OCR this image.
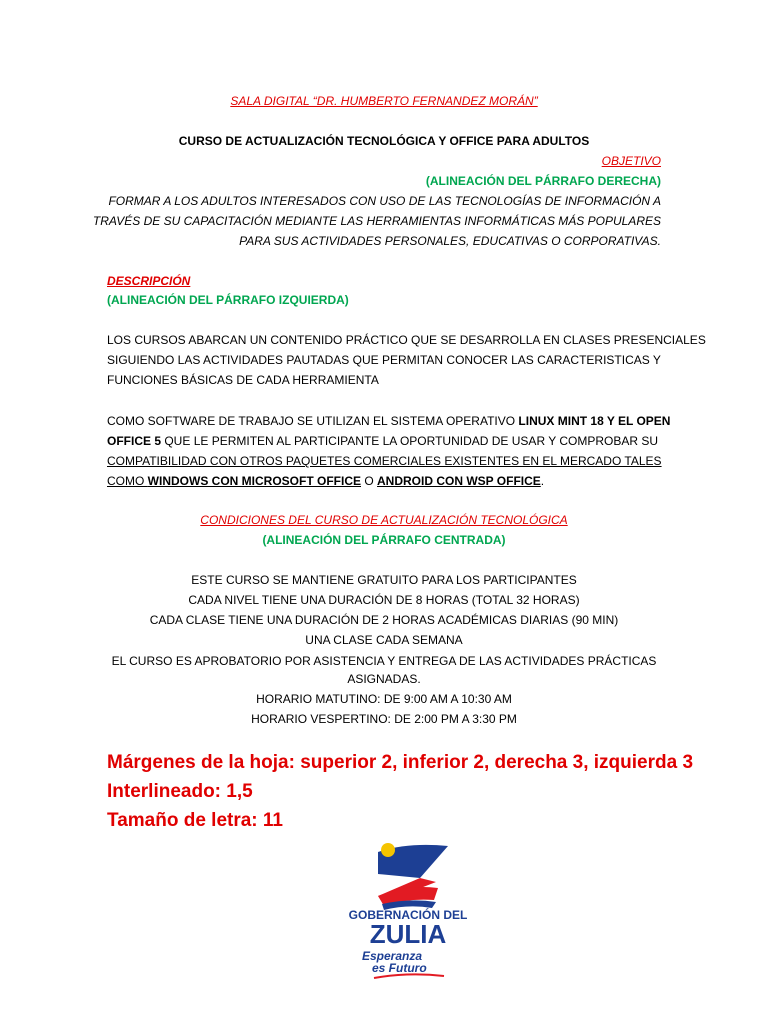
SALA DIGITAL “DR. HUMBERTO FERNANDEZ MORÁN”
CURSO DE ACTUALIZACIÓN TECNOLÓGICA Y OFFICE PARA ADULTOS
OBJETIVO
(ALINEACIÓN DEL PÁRRAFO DERECHA)
FORMAR A LOS ADULTOS INTERESADOS CON USO DE LAS TECNOLOGÍAS DE INFORMACIÓN A
TRAVÉS DE SU CAPACITACIÓN MEDIANTE LAS HERRAMIENTAS INFORMÁTICAS MÁS POPULARES
PARA SUS ACTIVIDADES PERSONALES, EDUCATIVAS O CORPORATIVAS.
DESCRIPCIÓN
(ALINEACIÓN DEL PÁRRAFO IZQUIERDA)
LOS CURSOS ABARCAN UN CONTENIDO PRÁCTICO QUE SE DESARROLLA EN CLASES PRESENCIALES
SIGUIENDO LAS ACTIVIDADES PAUTADAS QUE PERMITAN CONOCER LAS CARACTERISTICAS Y
FUNCIONES BÁSICAS DE CADA HERRAMIENTA
COMO SOFTWARE DE TRABAJO SE UTILIZAN EL SISTEMA OPERATIVO LINUX MINT 18 Y EL OPEN
OFFICE 5 QUE LE PERMITEN AL PARTICIPANTE LA OPORTUNIDAD DE USAR Y COMPROBAR SU
COMPATIBILIDAD CON OTROS PAQUETES COMERCIALES EXISTENTES EN EL MERCADO TALES
COMO WINDOWS CON MICROSOFT OFFICE O ANDROID CON WSP OFFICE.
CONDICIONES DEL CURSO DE ACTUALIZACIÓN TECNOLÓGICA
(ALINEACIÓN DEL PÁRRAFO CENTRADA)
ESTE CURSO SE MANTIENE GRATUITO PARA LOS PARTICIPANTES
CADA NIVEL TIENE UNA DURACIÓN DE 8 HORAS (TOTAL 32 HORAS)
CADA CLASE TIENE UNA DURACIÓN DE 2 HORAS ACADÉMICAS DIARIAS (90 MIN)
UNA CLASE CADA SEMANA
EL CURSO ES APROBATORIO POR ASISTENCIA Y ENTREGA DE LAS ACTIVIDADES PRÁCTICAS
ASIGNADAS.
HORARIO MATUTINO: DE 9:00 AM A 10:30 AM
HORARIO VESPERTINO: DE 2:00 PM A 3:30 PM
Márgenes de la hoja: superior 2, inferior 2, derecha 3, izquierda 3
Interlineado: 1,5
Tamaño de letra: 11
GOBERNACIÓN DEL
ZULIA
Esperanza
es Futuro
